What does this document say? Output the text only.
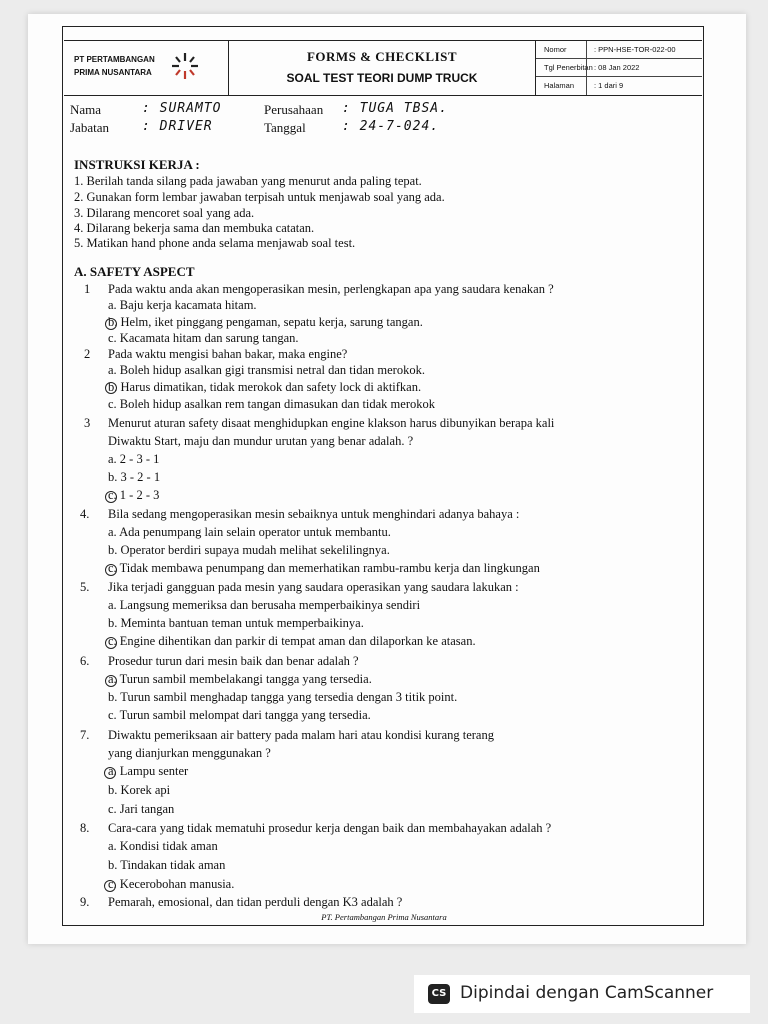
PT PERTAMBANGAN
PRIMA NUSANTARA
FORMS & CHECKLIST
SOAL TEST TEORI DUMP TRUCK
Nomor	: PPN-HSE-TOR-022-00
Tgl Penerbitan : 08 Jan 2022
Halaman	: 1 dari 9
Nama	: SURAMTO
Jabatan	: DRIVER
Perusahaan : TUGA TBSA.
Tanggal	: 24-7-024.
INSTRUKSI KERJA :
1. Berilah tanda silang pada jawaban yang menurut anda paling tepat.
2. Gunakan form lembar jawaban terpisah untuk menjawab soal yang ada.
3. Dilarang mencoret soal yang ada.
4. Dilarang bekerja sama dan membuka catatan.
5. Matikan hand phone anda selama menjawab soal test.
A. SAFETY ASPECT
1 Pada waktu anda akan mengoperasikan mesin, perlengkapan apa yang saudara kenakan ?
a. Baju kerja kacamata hitam.
b. Helm, iket pinggang pengaman, sepatu kerja, sarung tangan.
c. Kacamata hitam dan sarung tangan.
2 Pada waktu mengisi bahan bakar, maka engine?
a. Boleh hidup asalkan gigi transmisi netral dan tidan merokok.
b. Harus dimatikan, tidak merokok dan safety lock di aktifkan.
c. Boleh hidup asalkan rem tangan dimasukan dan tidak merokok
3 Menurut aturan safety disaat menghidupkan engine klakson harus dibunyikan berapa kali
Diwaktu Start, maju dan mundur urutan yang benar adalah. ?
a. 2 - 3 - 1
b. 3 - 2 - 1
c. 1 - 2 - 3
4. Bila sedang mengoperasikan mesin sebaiknya untuk menghindari adanya bahaya :
a. Ada penumpang lain selain operator untuk membantu.
b. Operator berdiri supaya mudah melihat sekelilingnya.
c. Tidak membawa penumpang dan memerhatikan rambu-rambu kerja dan lingkungan
5. Jika terjadi gangguan pada mesin yang saudara operasikan yang saudara lakukan :
a. Langsung memeriksa dan berusaha memperbaikinya sendiri
b. Meminta bantuan teman untuk memperbaikinya.
c. Engine dihentikan dan parkir di tempat aman dan dilaporkan ke atasan.
6. Prosedur turun dari mesin baik dan benar adalah ?
a. Turun sambil membelakangi tangga yang tersedia.
b. Turun sambil menghadap tangga yang tersedia dengan 3 titik point.
c. Turun sambil melompat dari tangga yang tersedia.
7. Diwaktu pemeriksaan air battery pada malam hari atau kondisi kurang terang
yang dianjurkan menggunakan ?
a. Lampu senter
b. Korek api
c. Jari tangan
8. Cara-cara yang tidak mematuhi prosedur kerja dengan baik dan membahayakan adalah ?
a. Kondisi tidak aman
b. Tindakan tidak aman
c. Kecerobohan manusia.
9. Pemarah, emosional, dan tidan perduli dengan K3 adalah ?
PT. Pertambangan Prima Nusantara
CS Dipindai dengan CamScanner
